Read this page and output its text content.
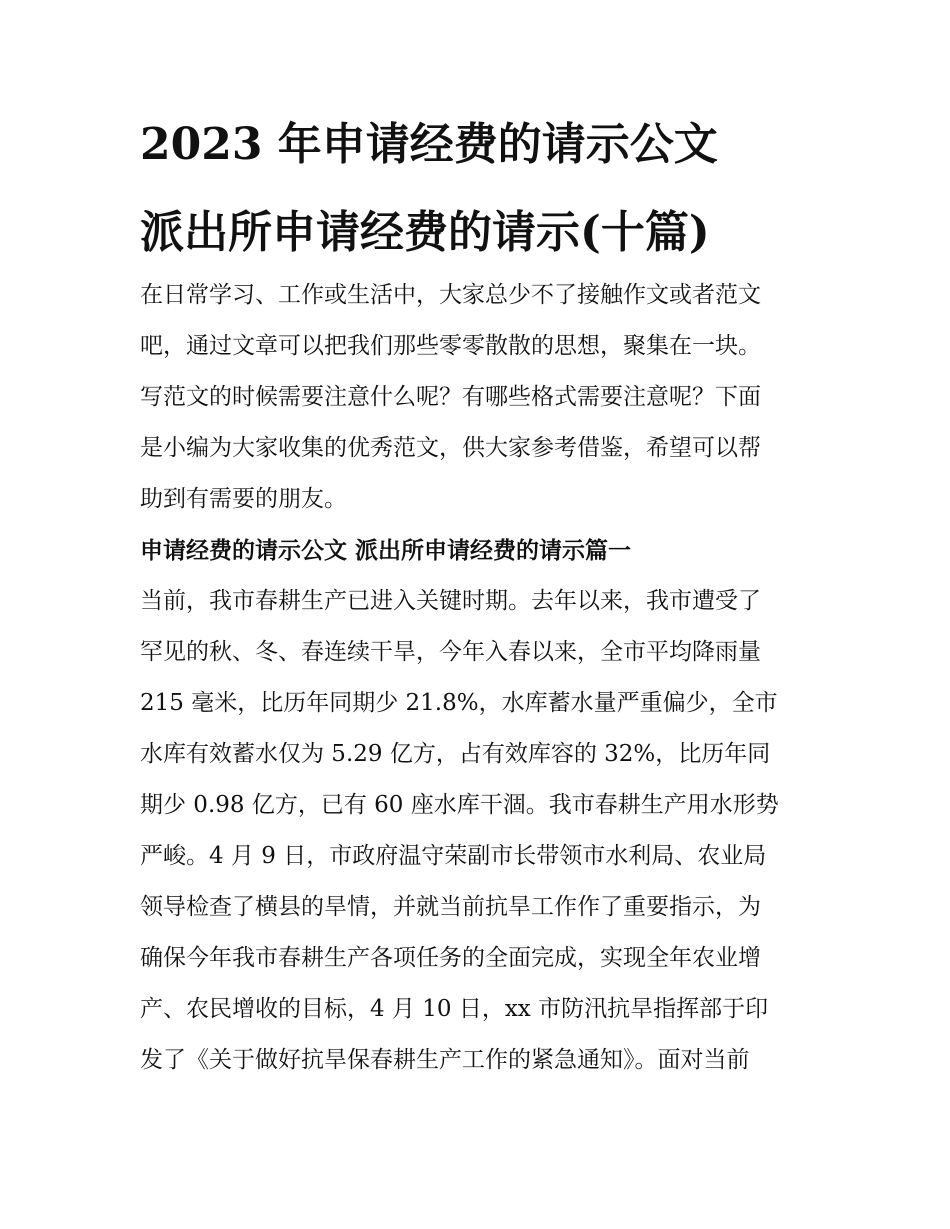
2023 年申请经费的请示公文
派出所申请经费的请示(十篇)

在日常学习、工作或生活中，大家总少不了接触作文或者范文
吧，通过文章可以把我们那些零零散散的思想，聚集在一块。
写范文的时候需要注意什么呢？有哪些格式需要注意呢？下面
是小编为大家收集的优秀范文，供大家参考借鉴，希望可以帮
助到有需要的朋友。

申请经费的请示公文 派出所申请经费的请示篇一

当前，我市春耕生产已进入关键时期。去年以来，我市遭受了
罕见的秋、冬、春连续干旱，今年入春以来，全市平均降雨量
215 毫米，比历年同期少 21.8%，水库蓄水量严重偏少，全市
水库有效蓄水仅为 5.29 亿方，占有效库容的 32%，比历年同
期少 0.98 亿方，已有 60 座水库干涸。我市春耕生产用水形势
严峻。4 月 9 日，市政府温守荣副市长带领市水利局、农业局
领导检查了横县的旱情，并就当前抗旱工作作了重要指示，为
确保今年我市春耕生产各项任务的全面完成，实现全年农业增
产、农民增收的目标，4 月 10 日，xx 市防汛抗旱指挥部于印
发了《关于做好抗旱保春耕生产工作的紧急通知》。面对当前
